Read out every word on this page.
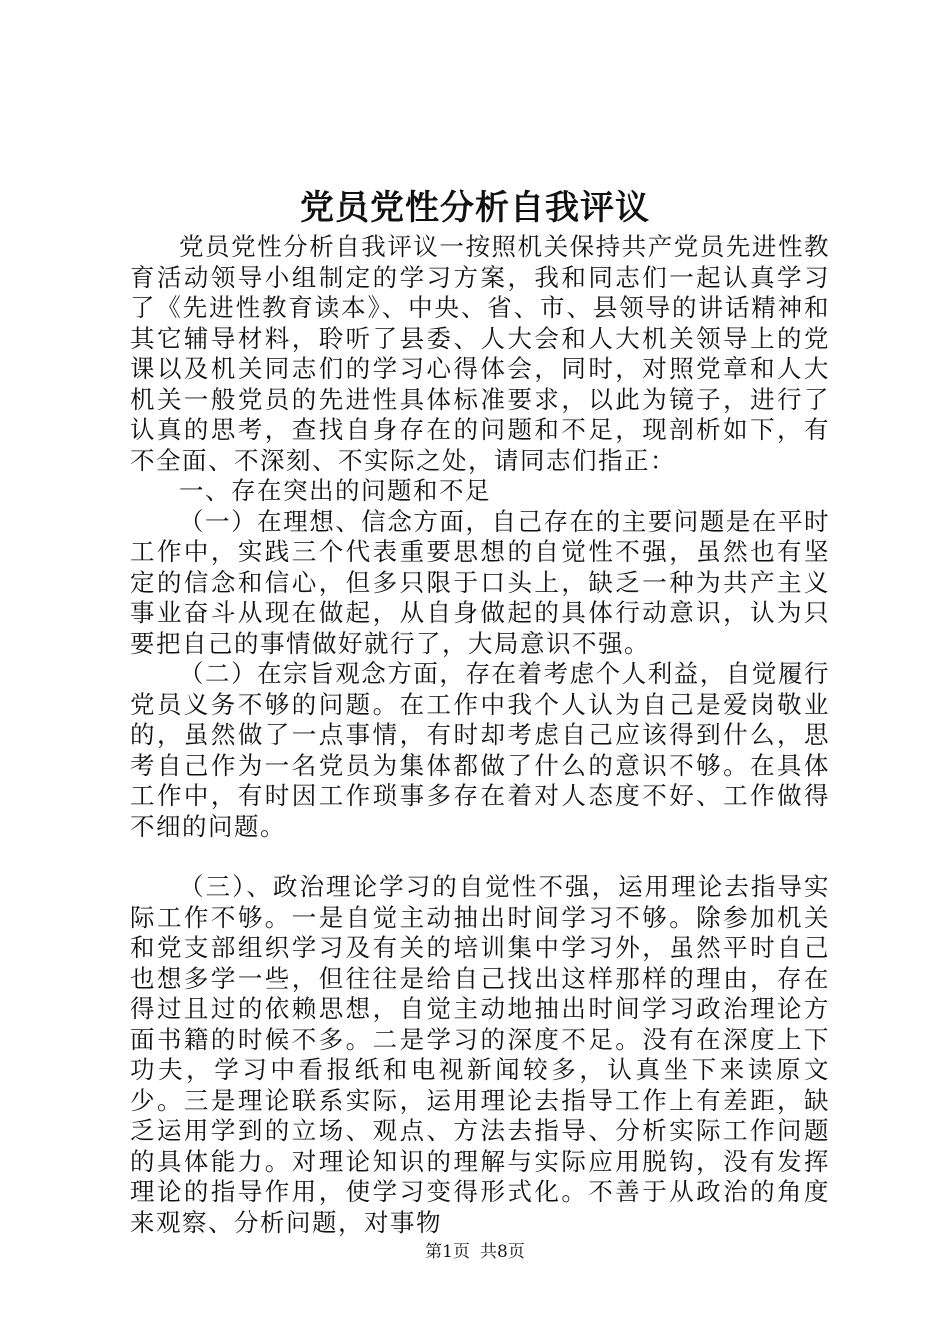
党员党性分析自我评议

党员党性分析自我评议一按照机关保持共产党员先进性教育活动领导小组制定的学习方案，我和同志们一起认真学习了《先进性教育读本》、中央、省、市、县领导的讲话精神和其它辅导材料，聆听了县委、人大会和人大机关领导上的党课以及机关同志们的学习心得体会，同时，对照党章和人大机关一般党员的先进性具体标准要求，以此为镜子，进行了认真的思考，查找自身存在的问题和不足，现剖析如下，有不全面、不深刻、不实际之处，请同志们指正：

一、存在突出的问题和不足

（一）在理想、信念方面，自己存在的主要问题是在平时工作中，实践三个代表重要思想的自觉性不强，虽然也有坚定的信念和信心，但多只限于口头上，缺乏一种为共产主义事业奋斗从现在做起，从自身做起的具体行动意识，认为只要把自己的事情做好就行了，大局意识不强。

（二）在宗旨观念方面，存在着考虑个人利益，自觉履行党员义务不够的问题。在工作中我个人认为自己是爱岗敬业的，虽然做了一点事情，有时却考虑自己应该得到什么，思考自己作为一名党员为集体都做了什么的意识不够。在具体工作中，有时因工作琐事多存在着对人态度不好、工作做得不细的问题。

（三）、政治理论学习的自觉性不强，运用理论去指导实际工作不够。一是自觉主动抽出时间学习不够。除参加机关和党支部组织学习及有关的培训集中学习外，虽然平时自己也想多学一些，但往往是给自己找出这样那样的理由，存在得过且过的依赖思想，自觉主动地抽出时间学习政治理论方面书籍的时候不多。二是学习的深度不足。没有在深度上下功夫，学习中看报纸和电视新闻较多，认真坐下来读原文少。三是理论联系实际，运用理论去指导工作上有差距，缺乏运用学到的立场、观点、方法去指导、分析实际工作问题的具体能力。对理论知识的理解与实际应用脱钩，没有发挥理论的指导作用，使学习变得形式化。不善于从政治的角度来观察、分析问题，对事物

第1页 共8页
